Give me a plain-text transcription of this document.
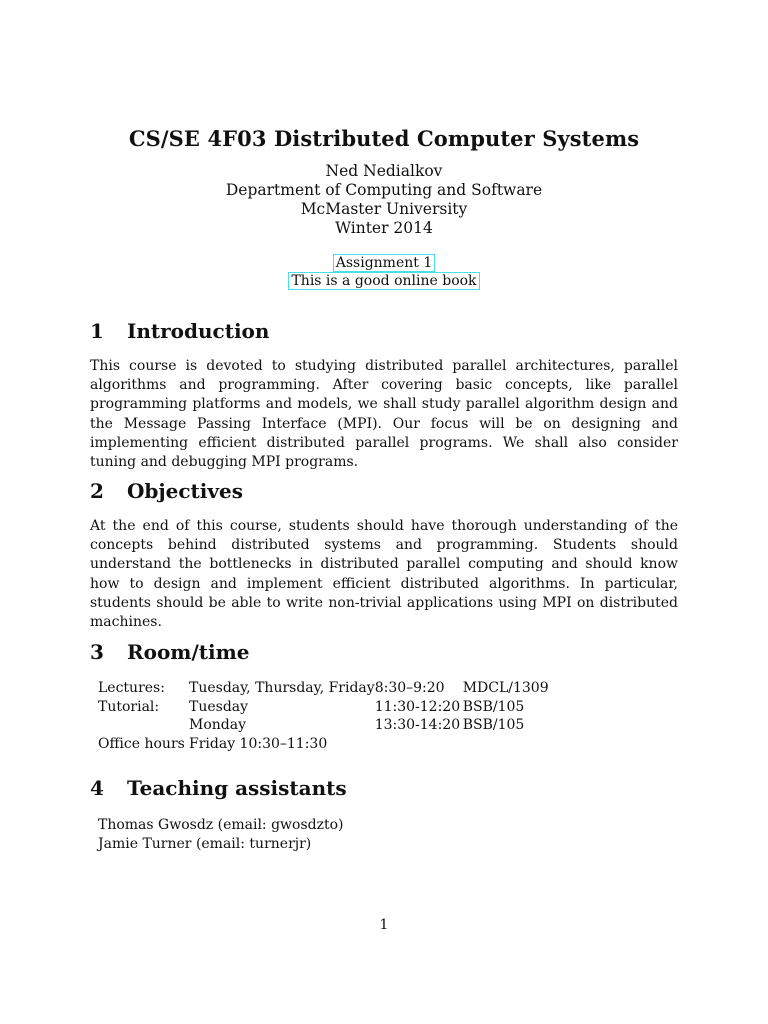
CS/SE 4F03 Distributed Computer Systems
Ned Nedialkov
Department of Computing and Software
McMaster University
Winter 2014
Assignment 1
This is a good online book
1 Introduction
This course is devoted to studying distributed parallel architectures, parallel algorithms and programming. After covering basic concepts, like parallel programming platforms and models, we shall study parallel algorithm design and the Message Passing Interface (MPI). Our focus will be on designing and implementing efficient distributed parallel programs. We shall also consider tuning and debugging MPI programs.
2 Objectives
At the end of this course, students should have thorough understanding of the concepts behind distributed systems and programming. Students should understand the bottlenecks in distributed parallel computing and should know how to design and implement efficient distributed algorithms. In particular, students should be able to write non-trivial applications using MPI on distributed machines.
3 Room/time
Lectures:	Tuesday, Thursday, Friday	8:30–9:20	MDCL/1309
Tutorial:	Tuesday	11:30-12:20	BSB/105
	Monday	13:30-14:20	BSB/105
Office hours	Friday 10:30–11:30		
4 Teaching assistants
Thomas Gwosdz (email: gwosdzto)
Jamie Turner (email: turnerjr)
1
